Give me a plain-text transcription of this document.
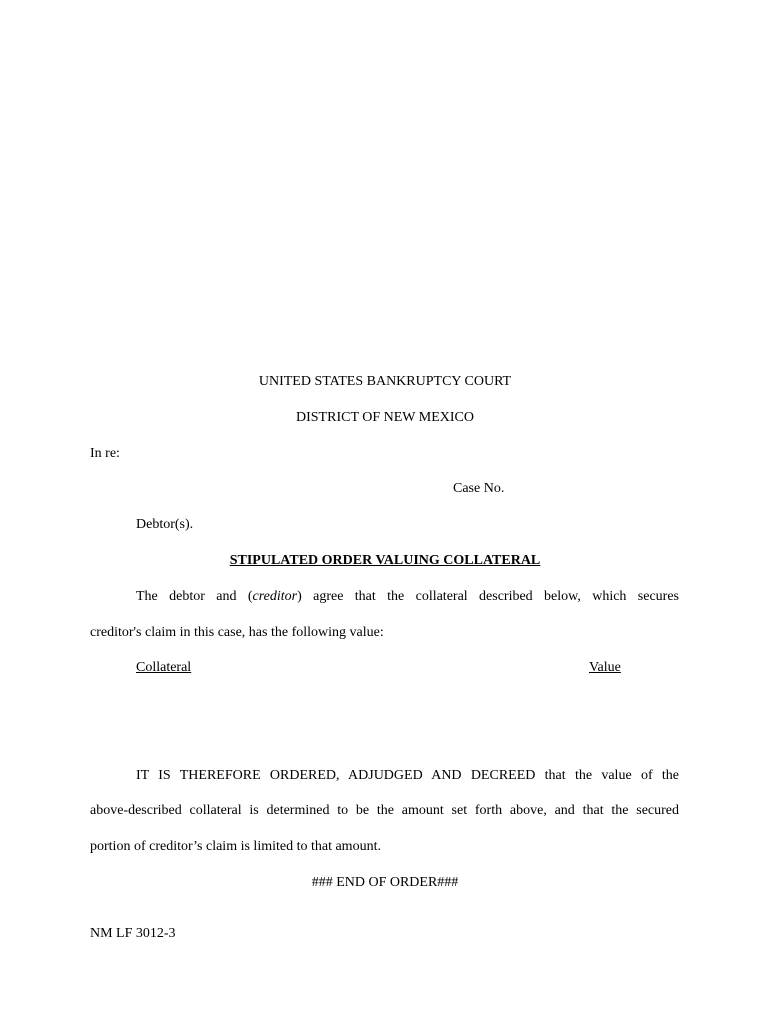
UNITED STATES BANKRUPTCY COURT
DISTRICT OF NEW MEXICO
In re:
Case No.
Debtor(s).
STIPULATED ORDER VALUING COLLATERAL
The debtor and (creditor) agree that the collateral described below, which secures
creditor's claim in this case, has the following value:
Collateral	Value
IT IS THEREFORE ORDERED, ADJUDGED AND DECREED that the value of the
above-described collateral is determined to be the amount set forth above, and that the secured
portion of creditor’s claim is limited to that amount.
### END OF ORDER###
NM LF 3012-3
